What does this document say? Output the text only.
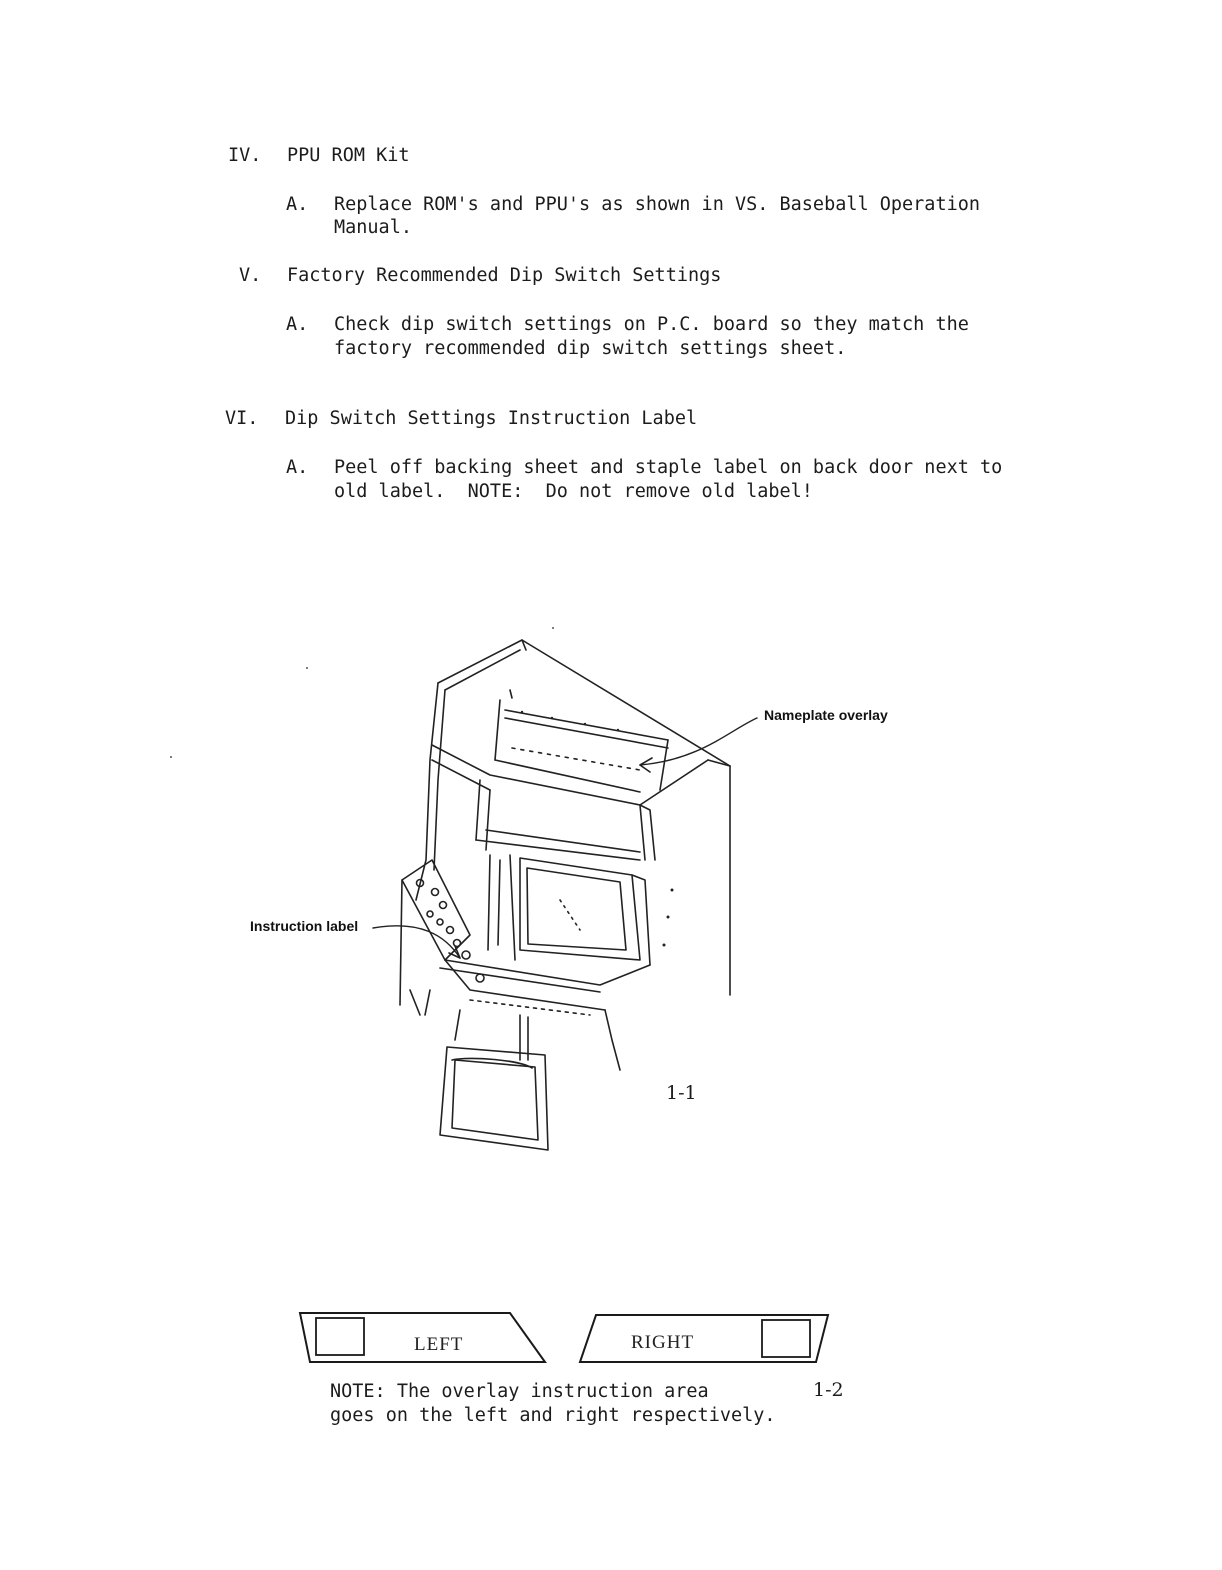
IV. PPU ROM Kit
A. Replace ROM's and PPU's as shown in VS. Baseball Operation
Manual.
V. Factory Recommended Dip Switch Settings
A. Check dip switch settings on P.C. board so they match the
factory recommended dip switch settings sheet.
VI. Dip Switch Settings Instruction Label
A. Peel off backing sheet and staple label on back door next to
old label.  NOTE:  Do not remove old label!
Nameplate overlay
Instruction label
1-1
LEFT	RIGHT
NOTE: The overlay instruction area	1-2
goes on the left and right respectively.
